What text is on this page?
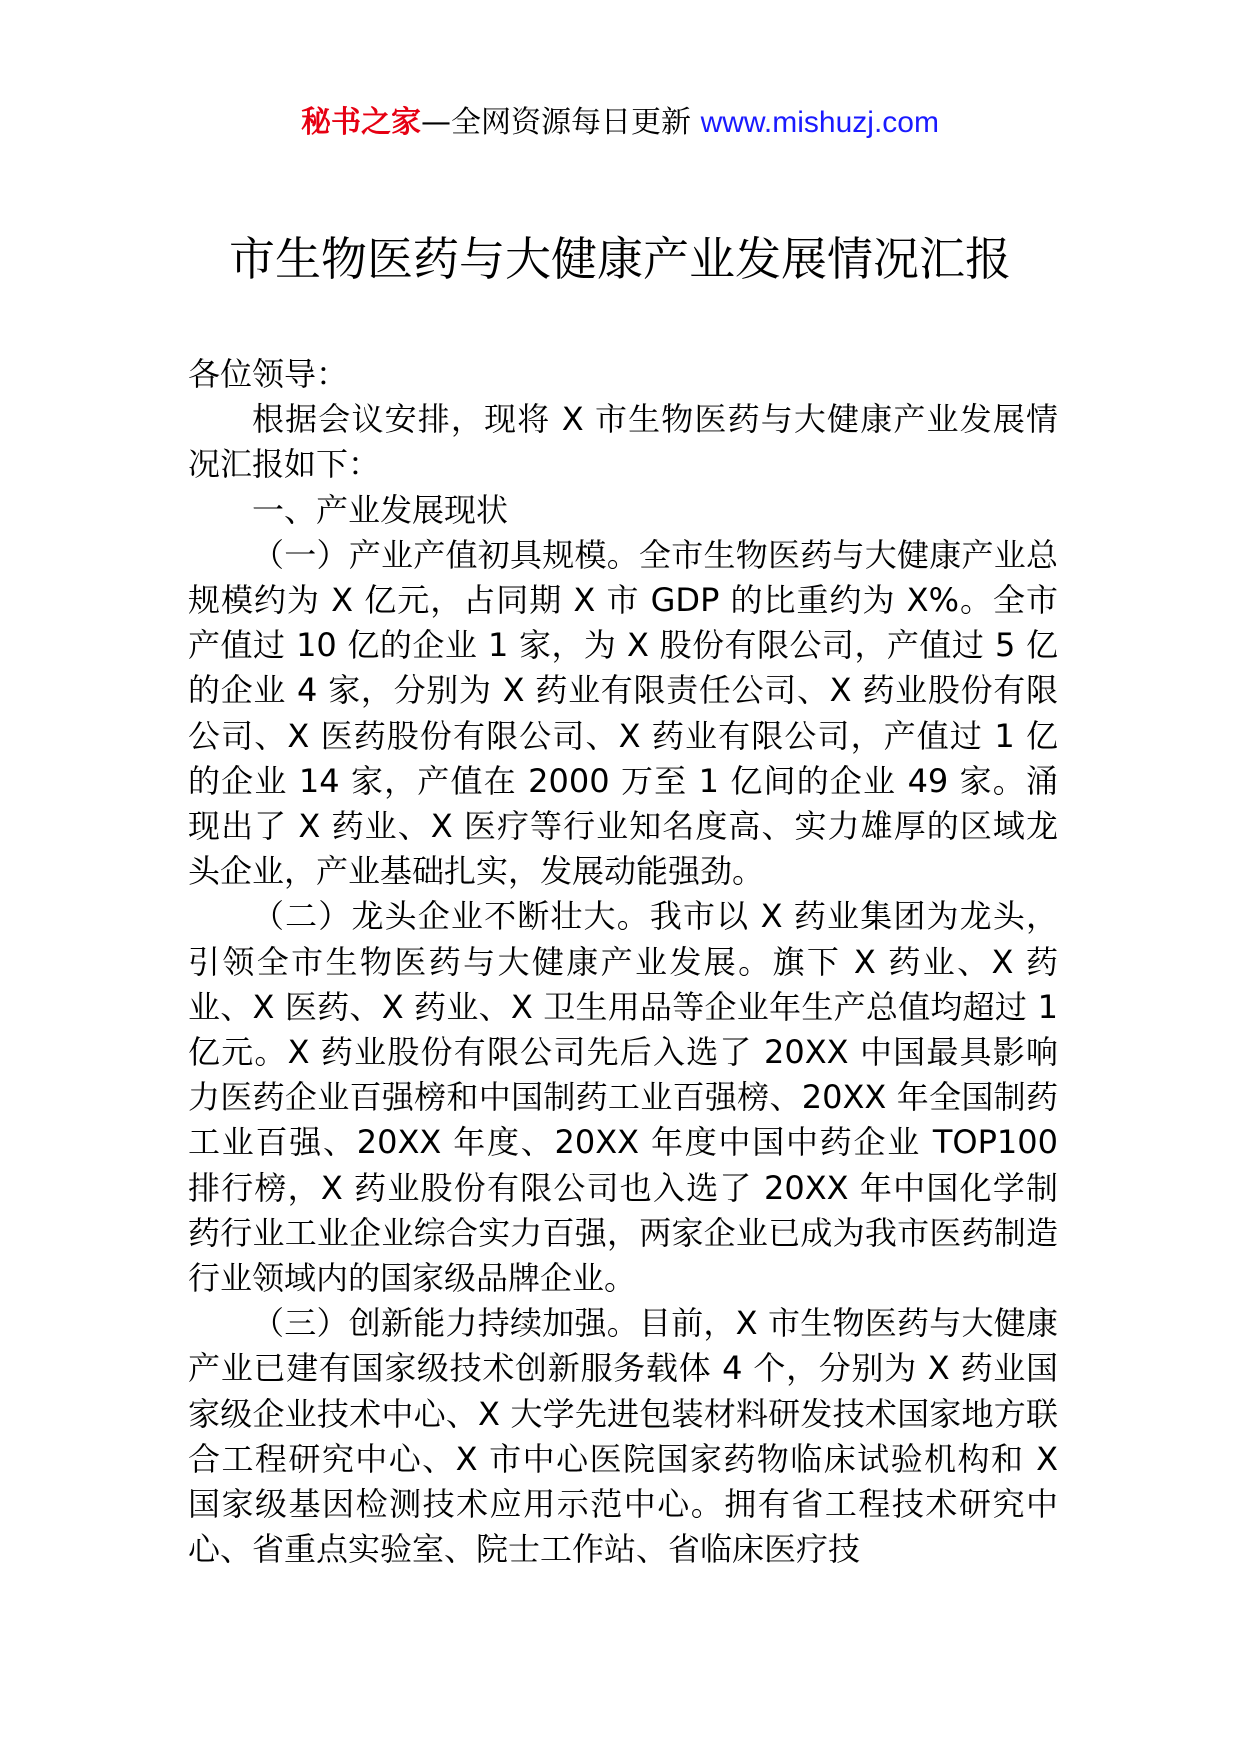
秘书之家—全网资源每日更新 www.mishuzj.com
市生物医药与大健康产业发展情况汇报

各位领导：

根据会议安排，现将 X 市生物医药与大健康产业发展情况汇报如下：

一、产业发展现状

（一）产业产值初具规模。全市生物医药与大健康产业总规模约为 X 亿元，占同期 X 市 GDP 的比重约为 X%。全市产值过 10 亿的企业 1 家，为 X 股份有限公司，产值过 5 亿的企业 4 家，分别为 X 药业有限责任公司、X 药业股份有限公司、X 医药股份有限公司、X 药业有限公司，产值过 1 亿的企业 14 家，产值在 2000 万至 1 亿间的企业 49 家。涌现出了 X 药业、X 医疗等行业知名度高、实力雄厚的区域龙头企业，产业基础扎实，发展动能强劲。

（二）龙头企业不断壮大。我市以 X 药业集团为龙头，引领全市生物医药与大健康产业发展。旗下 X 药业、X 药业、X 医药、X 药业、X 卫生用品等企业年生产总值均超过 1 亿元。X 药业股份有限公司先后入选了 20XX 中国最具影响力医药企业百强榜和中国制药工业百强榜、20XX 年全国制药工业百强、20XX 年度、20XX 年度中国中药企业 TOP100 排行榜，X 药业股份有限公司也入选了 20XX 年中国化学制药行业工业企业综合实力百强，两家企业已成为我市医药制造行业领域内的国家级品牌企业。

（三）创新能力持续加强。目前，X 市生物医药与大健康产业已建有国家级技术创新服务载体 4 个，分别为 X 药业国家级企业技术中心、X 大学先进包装材料研发技术国家地方联合工程研究中心、X 市中心医院国家药物临床试验机构和 X 国家级基因检测技术应用示范中心。拥有省工程技术研究中心、省重点实验室、院士工作站、省临床医疗技
